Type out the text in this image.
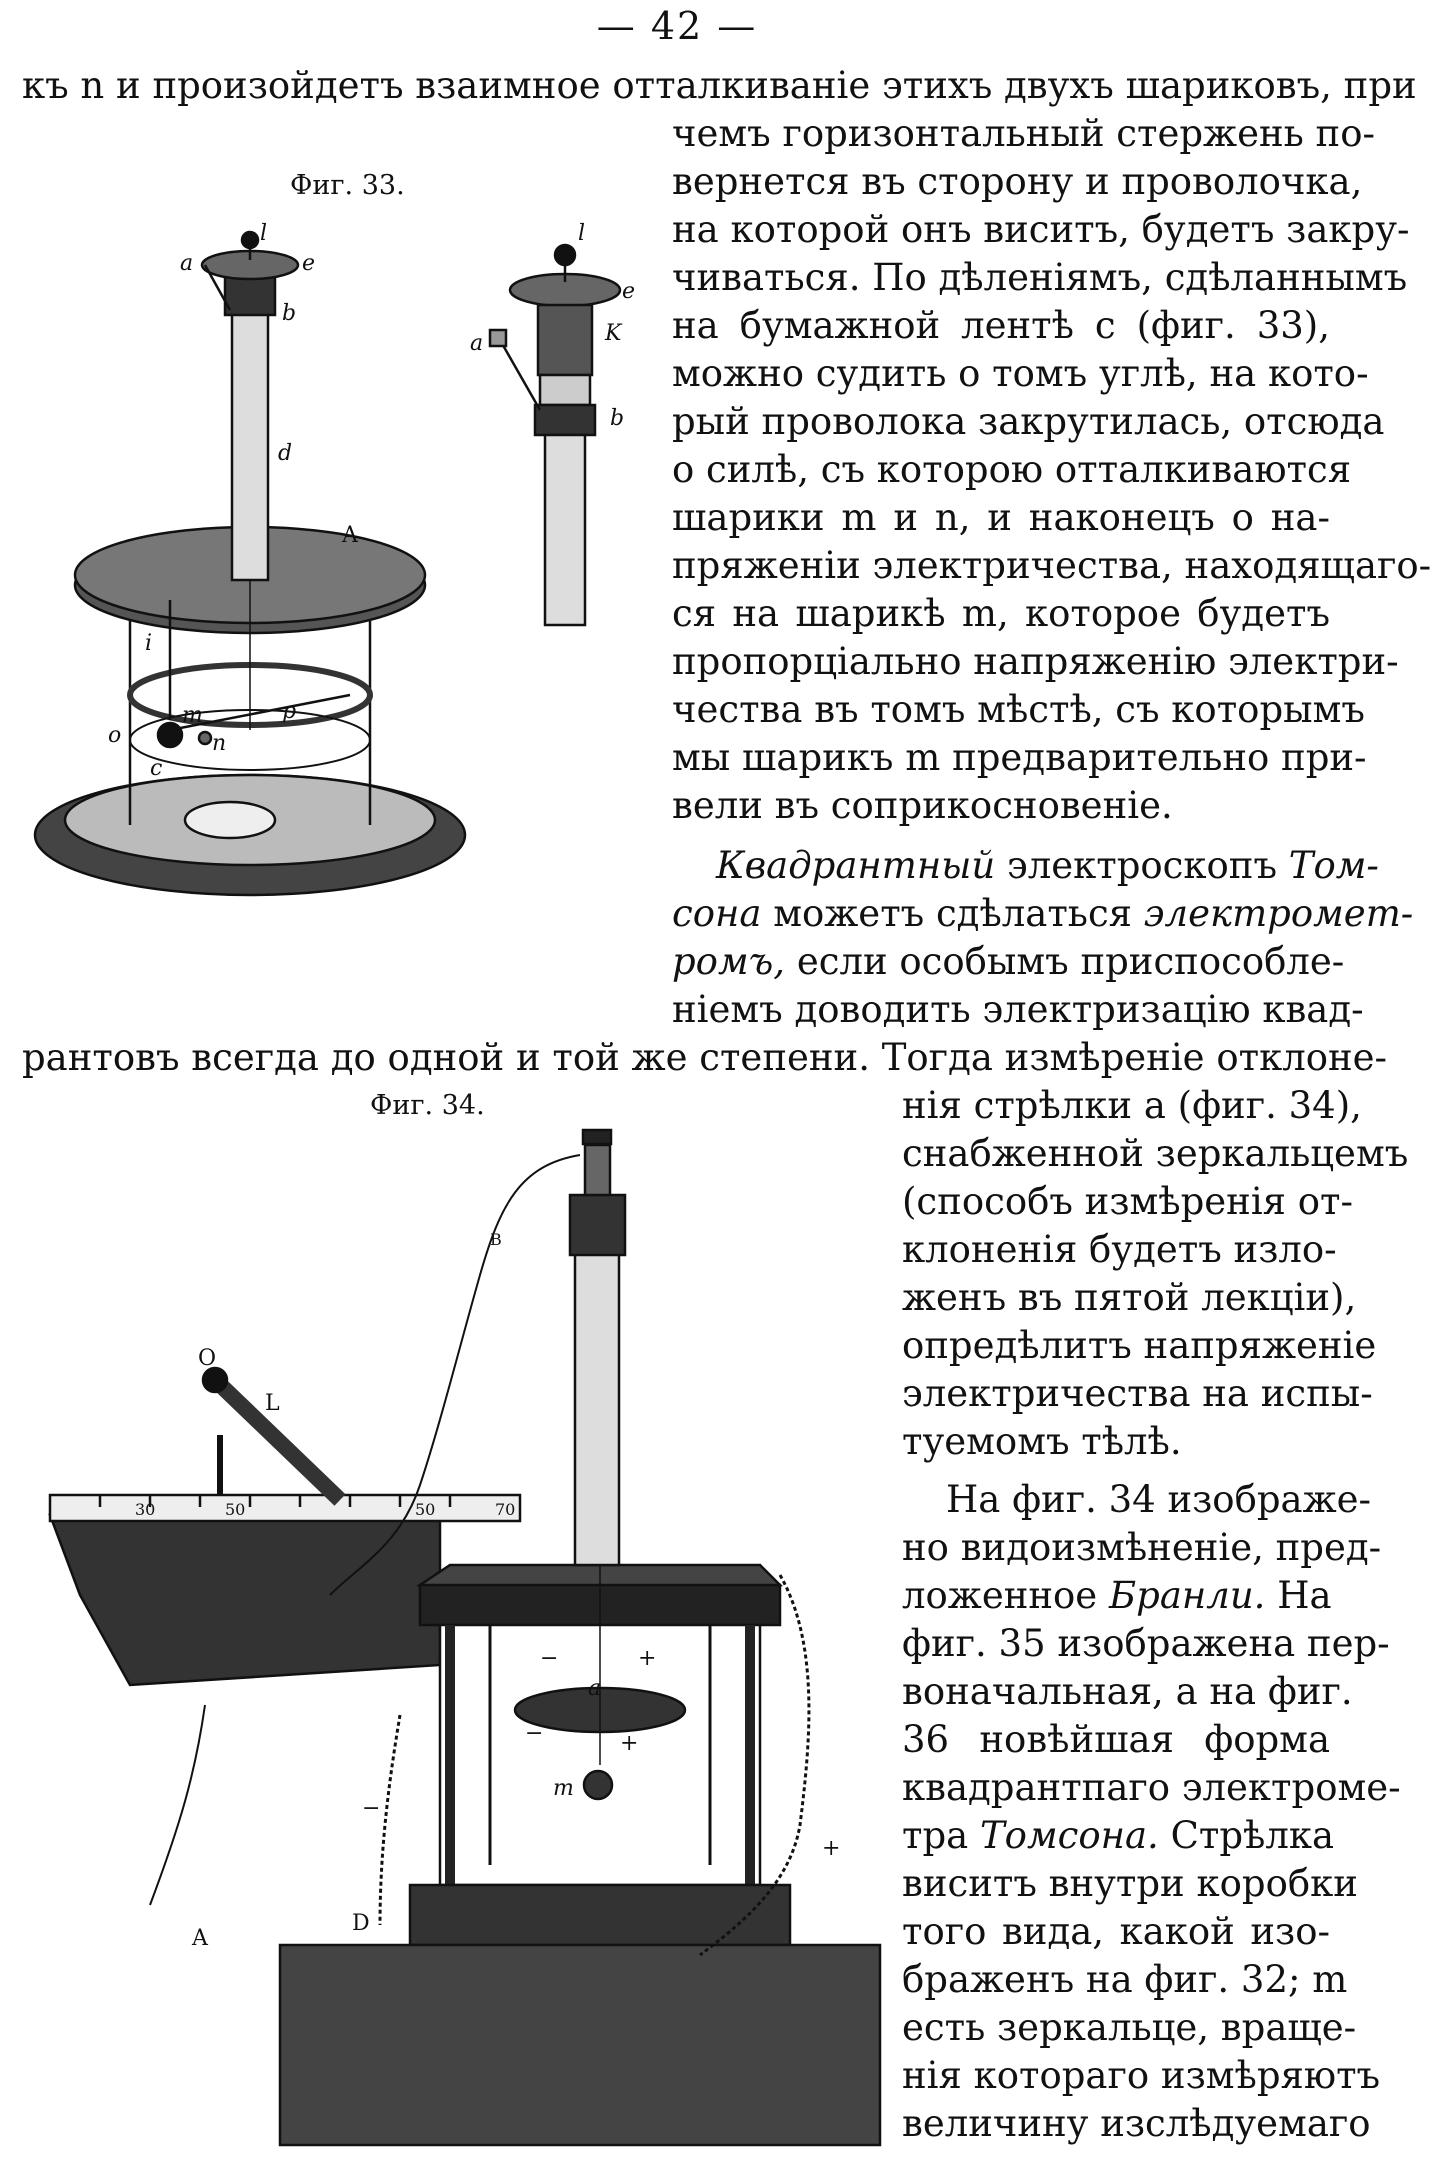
— 42 —
къ n и произойдетъ взаимное отталкиванiе этихъ двухъ шариковъ, при
чемъ горизонтальный стержень по-
вернется въ сторону и проволочка,
на которой онъ виситъ, будетъ закру-
чиваться. По дѣленiямъ, сдѣланнымъ
на бумажной лентѣ c (фиг. 33),
можно судить о томъ углѣ, на кото-
рый проволока закрутилась, отсюда
о силѣ, съ которою отталкиваются
шарики m и n, и наконецъ о на-
пряженiи электричества, находящаго-
ся на шарикѣ m, которое будетъ
пропорцiально напряженiю электри-
чества въ томъ мѣстѣ, съ которымъ
мы шарикъ m предварительно при-
вели въ соприкосновенiе.
Квадрантный электроскопъ Том-
сона можетъ сдѣлаться электромет-
ромъ, если особымъ приспособле-
нiемъ доводить электризацiю квад-
рантовъ всегда до одной и той же степени. Тогда измѣренiе отклоне-
нiя стрѣлки a (фиг. 34),
снабженной зеркальцемъ
(способъ измѣренiя от-
клоненiя будетъ изло-
женъ въ пятой лекцiи),
опредѣлитъ напряженiе
электричества на испы-
туемомъ тѣлѣ.
На фиг. 34 изображе-
но видоизмѣненiе, пред-
ложенное Бранли. На
фиг. 35 изображена пер-
воначальная, а на фиг.
36 новѣйшая форма
квадрантпаго электроме-
тра Томсона. Стрѣлка
виситъ внутри коробки
того вида, какой изо-
браженъ на фиг. 32; m
есть зеркальце, враще-
нiя котораго измѣряютъ
величину изслѣдуемаго
Фиг. 33.
Фиг. 34.
l
a	e
b
d
A
i
m
o	n
p
c
l
e
K
a
b
O
L
30	50	50	70
B
A
D
−
+
a
m
−	+
+
−
